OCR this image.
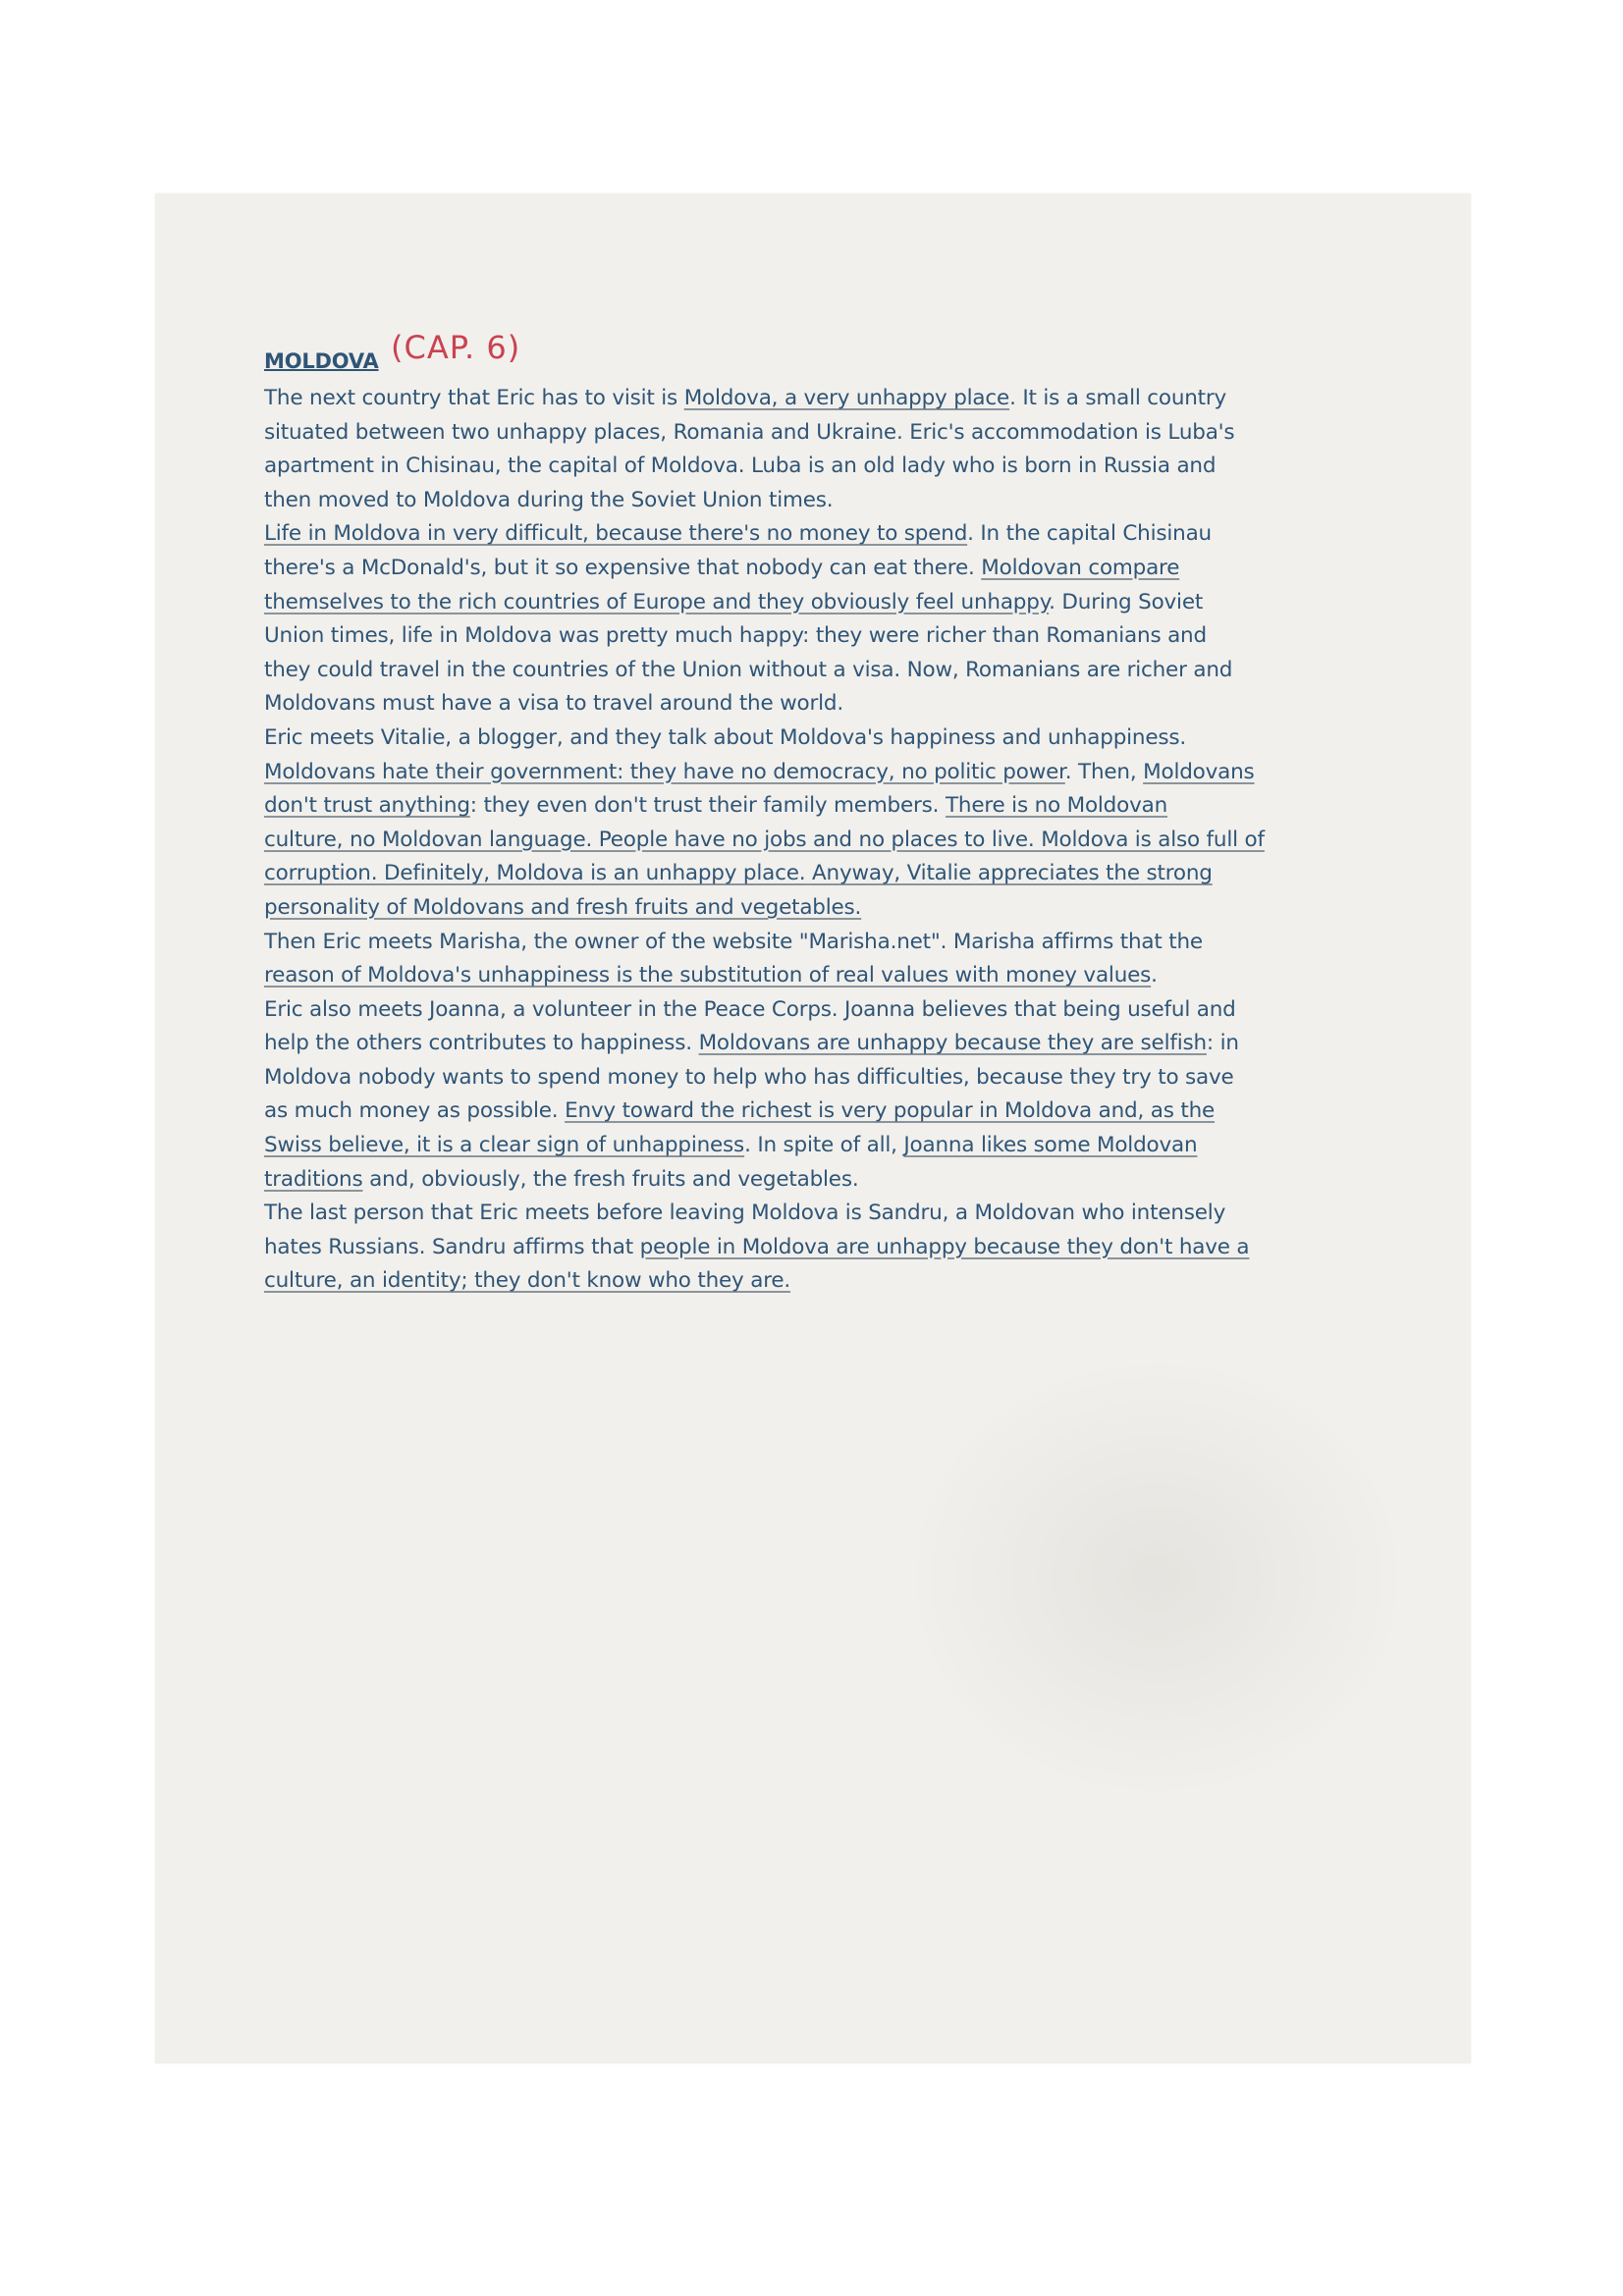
MOLDOVA (CAP. 6)
The next country that Eric has to visit is Moldova, a very unhappy place. It is a small country
situated between two unhappy places, Romania and Ukraine. Eric's accommodation is Luba's
apartment in Chisinau, the capital of Moldova. Luba is an old lady who is born in Russia and
then moved to Moldova during the Soviet Union times.
Life in Moldova in very difficult, because there's no money to spend. In the capital Chisinau
there's a McDonald's, but it so expensive that nobody can eat there. Moldovan compare
themselves to the rich countries of Europe and they obviously feel unhappy. During Soviet
Union times, life in Moldova was pretty much happy: they were richer than Romanians and
they could travel in the countries of the Union without a visa. Now, Romanians are richer and
Moldovans must have a visa to travel around the world.
Eric meets Vitalie, a blogger, and they talk about Moldova's happiness and unhappiness.
Moldovans hate their government: they have no democracy, no politic power. Then, Moldovans
don't trust anything: they even don't trust their family members. There is no Moldovan
culture, no Moldovan language. People have no jobs and no places to live. Moldova is also full of
corruption. Definitely, Moldova is an unhappy place. Anyway, Vitalie appreciates the strong
personality of Moldovans and fresh fruits and vegetables.
Then Eric meets Marisha, the owner of the website "Marisha.net". Marisha affirms that the
reason of Moldova's unhappiness is the substitution of real values with money values.
Eric also meets Joanna, a volunteer in the Peace Corps. Joanna believes that being useful and
help the others contributes to happiness. Moldovans are unhappy because they are selfish: in
Moldova nobody wants to spend money to help who has difficulties, because they try to save
as much money as possible. Envy toward the richest is very popular in Moldova and, as the
Swiss believe, it is a clear sign of unhappiness. In spite of all, Joanna likes some Moldovan
traditions and, obviously, the fresh fruits and vegetables.
The last person that Eric meets before leaving Moldova is Sandru, a Moldovan who intensely
hates Russians. Sandru affirms that people in Moldova are unhappy because they don't have a
culture, an identity; they don't know who they are.
